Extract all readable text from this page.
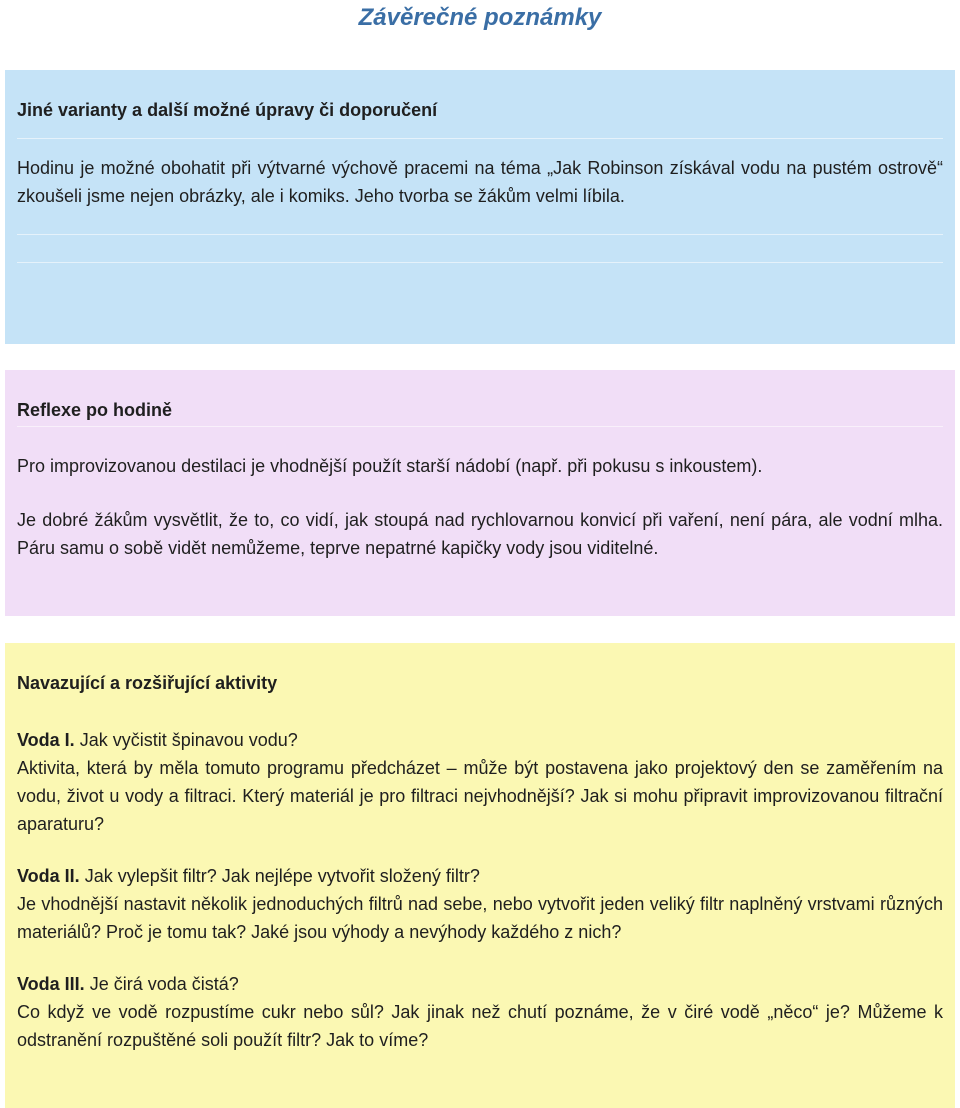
Závěrečné poznámky
Jiné varianty a další možné úpravy či doporučení
Hodinu je možné obohatit při výtvarné výchově pracemi na téma „Jak Robinson získával vodu na pustém ostrově“ zkoušeli jsme nejen obrázky, ale i komiks. Jeho tvorba se žákům velmi líbila.
Reflexe po hodině
Pro improvizovanou destilaci je vhodnější použít starší nádobí (např. při pokusu s inkoustem).
Je dobré žákům vysvětlit, že to, co vidí, jak stoupá nad rychlovarnou konvicí při vaření, není pára, ale vodní mlha. Páru samu o sobě vidět nemůžeme, teprve nepatrné kapičky vody jsou viditelné.
Navazující a rozšiřující aktivity
Voda I. Jak vyčistit špinavou vodu?
Aktivita, která by měla tomuto programu předcházet – může být postavena jako projektový den se zaměřením na vodu, život u vody a filtraci. Který materiál je pro filtraci nejvhodnější? Jak si mohu připravit improvizovanou filtrační aparaturu?
Voda II. Jak vylepšit filtr? Jak nejlépe vytvořit složený filtr?
Je vhodnější nastavit několik jednoduchých filtrů nad sebe, nebo vytvořit jeden veliký filtr naplněný vrstvami různých materiálů? Proč je tomu tak? Jaké jsou výhody a nevýhody každého z nich?
Voda III. Je čirá voda čistá?
Co když ve vodě rozpustíme cukr nebo sůl? Jak jinak než chutí poznáme, že v čiré vodě „něco“ je? Můžeme k odstranění rozpuštěné soli použít filtr? Jak to víme?
